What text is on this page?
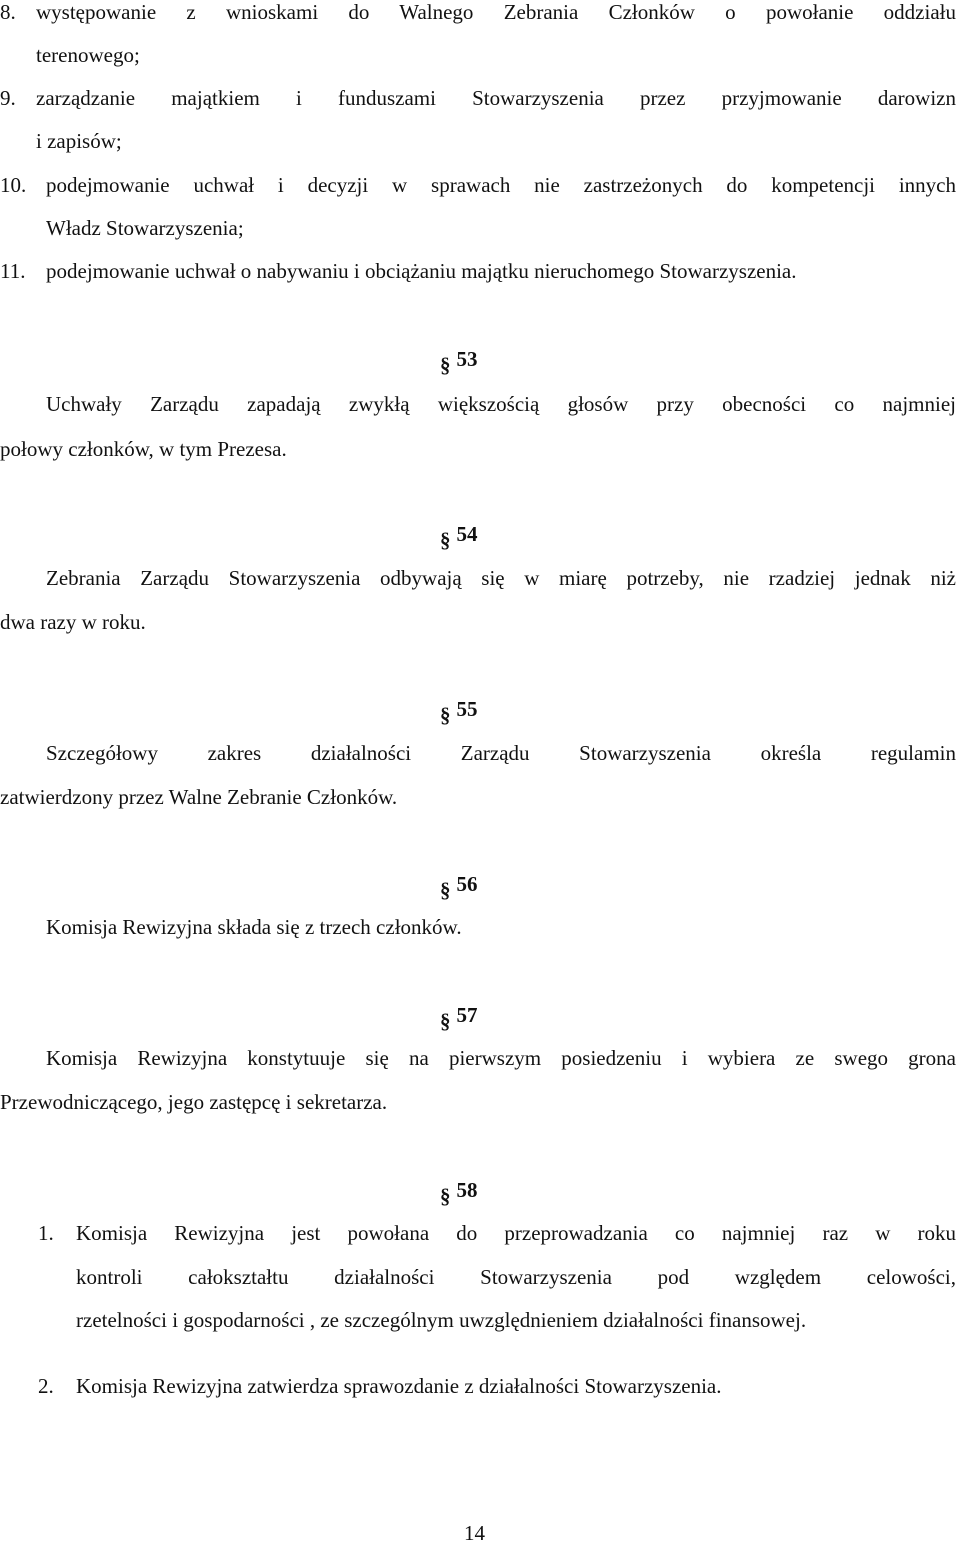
8. występowanie z wnioskami do Walnego Zebrania Członków o powołanie oddziału
terenowego;
9. zarządzanie majątkiem i funduszami Stowarzyszenia przez przyjmowanie darowizn
i zapisów;
10. podejmowanie uchwał i decyzji w sprawach nie zastrzeżonych do kompetencji innych
Władz Stowarzyszenia;
11. podejmowanie uchwał o nabywaniu i obciążaniu majątku nieruchomego Stowarzyszenia.
§ 53
Uchwały Zarządu zapadają zwykłą większością głosów przy obecności co najmniej
połowy członków, w tym Prezesa.
§ 54
Zebrania Zarządu Stowarzyszenia odbywają się w miarę potrzeby, nie rzadziej jednak niż
dwa razy w roku.
§ 55
Szczegółowy zakres działalności Zarządu Stowarzyszenia określa regulamin
zatwierdzony przez Walne Zebranie Członków.
§ 56
Komisja Rewizyjna składa się z trzech członków.
§ 57
Komisja Rewizyjna konstytuuje się na pierwszym posiedzeniu i wybiera ze swego grona
Przewodniczącego, jego zastępcę i sekretarza.
§ 58
1. Komisja Rewizyjna jest powołana do przeprowadzania co najmniej raz w roku
kontroli całokształtu działalności Stowarzyszenia pod względem celowości,
rzetelności i gospodarności , ze szczególnym uwzględnieniem działalności finansowej.
2. Komisja Rewizyjna zatwierdza sprawozdanie z działalności Stowarzyszenia.
14
